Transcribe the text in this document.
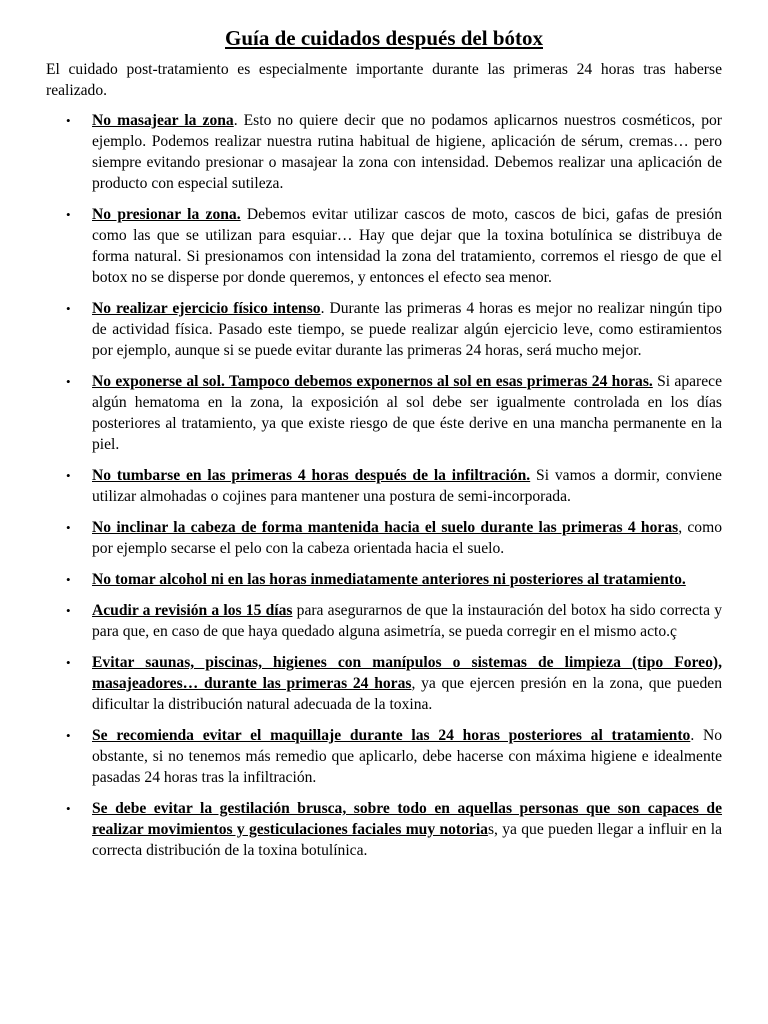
Guía de cuidados después del bótox

El cuidado post-tratamiento es especialmente importante durante las primeras 24 horas tras haberse realizado.

• No masajear la zona. Esto no quiere decir que no podamos aplicarnos nuestros cosméticos, por ejemplo. Podemos realizar nuestra rutina habitual de higiene, aplicación de sérum, cremas… pero siempre evitando presionar o masajear la zona con intensidad. Debemos realizar una aplicación de producto con especial sutileza.
• No presionar la zona. Debemos evitar utilizar cascos de moto, cascos de bici, gafas de presión como las que se utilizan para esquiar… Hay que dejar que la toxina botulínica se distribuya de forma natural. Si presionamos con intensidad la zona del tratamiento, corremos el riesgo de que el botox no se disperse por donde queremos, y entonces el efecto sea menor.
• No realizar ejercicio físico intenso. Durante las primeras 4 horas es mejor no realizar ningún tipo de actividad física. Pasado este tiempo, se puede realizar algún ejercicio leve, como estiramientos por ejemplo, aunque si se puede evitar durante las primeras 24 horas, será mucho mejor.
• No exponerse al sol. Tampoco debemos exponernos al sol en esas primeras 24 horas. Si aparece algún hematoma en la zona, la exposición al sol debe ser igualmente controlada en los días posteriores al tratamiento, ya que existe riesgo de que éste derive en una mancha permanente en la piel.
• No tumbarse en las primeras 4 horas después de la infiltración. Si vamos a dormir, conviene utilizar almohadas o cojines para mantener una postura de semi-incorporada.
• No inclinar la cabeza de forma mantenida hacia el suelo durante las primeras 4 horas, como por ejemplo secarse el pelo con la cabeza orientada hacia el suelo.
• No tomar alcohol ni en las horas inmediatamente anteriores ni posteriores al tratamiento.
• Acudir a revisión a los 15 días para asegurarnos de que la instauración del botox ha sido correcta y para que, en caso de que haya quedado alguna asimetría, se pueda corregir en el mismo acto.ç
• Evitar saunas, piscinas, higienes con manípulos o sistemas de limpieza (tipo Foreo), masajeadores… durante las primeras 24 horas, ya que ejercen presión en la zona, que pueden dificultar la distribución natural adecuada de la toxina.
• Se recomienda evitar el maquillaje durante las 24 horas posteriores al tratamiento. No obstante, si no tenemos más remedio que aplicarlo, debe hacerse con máxima higiene e idealmente pasadas 24 horas tras la infiltración.
• Se debe evitar la gestilación brusca, sobre todo en aquellas personas que son capaces de realizar movimientos y gesticulaciones faciales muy notorias, ya que pueden llegar a influir en la correcta distribución de la toxina botulínica.
